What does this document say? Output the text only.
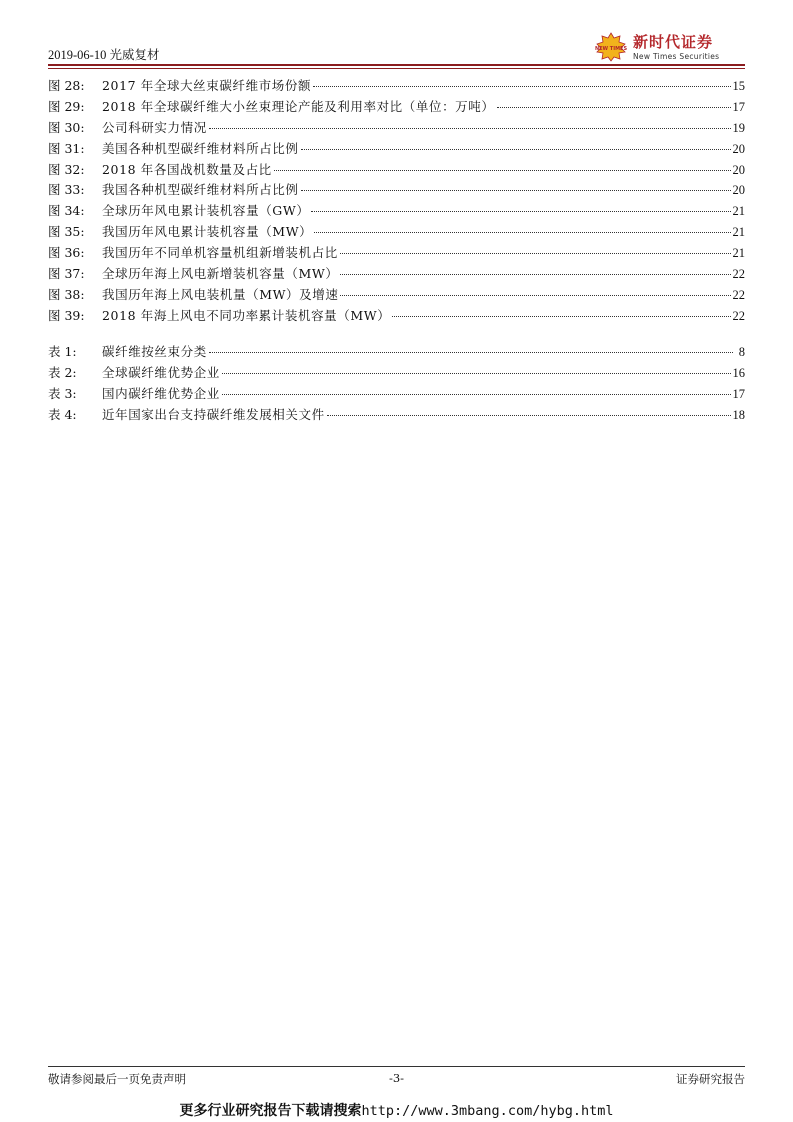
2019-06-10 光威复材	NEW TIMES 新时代证券
New Times Securities
图 28:	2017 年全球大丝束碳纤维市场份额	15
图 29:	2018 年全球碳纤维大小丝束理论产能及利用率对比（单位：万吨）	17
图 30:	公司科研实力情况	19
图 31:	美国各种机型碳纤维材料所占比例	20
图 32:	2018 年各国战机数量及占比	20
图 33:	我国各种机型碳纤维材料所占比例	20
图 34:	全球历年风电累计装机容量（GW）	21
图 35:	我国历年风电累计装机容量（MW）	21
图 36:	我国历年不同单机容量机组新增装机占比	21
图 37:	全球历年海上风电新增装机容量（MW）	22
图 38:	我国历年海上风电装机量（MW）及增速	22
图 39:	2018 年海上风电不同功率累计装机容量（MW）	22
表 1:	碳纤维按丝束分类	8
表 2:	全球碳纤维优势企业	16
表 3:	国内碳纤维优势企业	17
表 4:	近年国家出台支持碳纤维发展相关文件	18
敬请参阅最后一页免责声明	-3-	证券研究报告
更多行业研究报告下载请搜索http://www.3mbang.com/hybg.html
